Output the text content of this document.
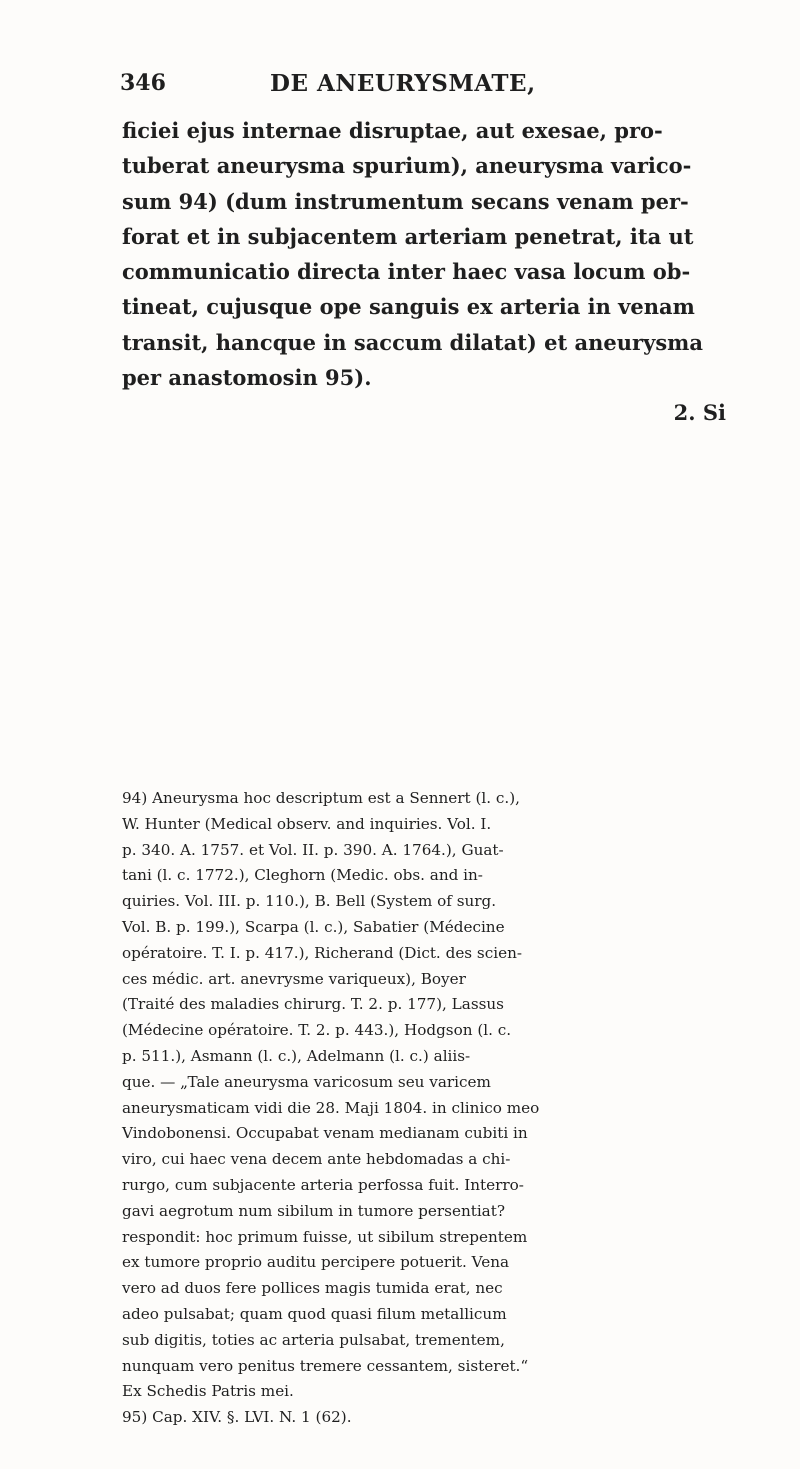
346	DE ANEURYSMATE,
ficiei ejus internae disruptae, aut exesae, pro-
tuberat aneurysma spurium), aneurysma varico-
sum 94) (dum instrumentum secans venam per-
forat et in subjacentem arteriam penetrat, ita ut
communicatio directa inter haec vasa locum ob-
tineat, cujusque ope sanguis ex arteria in venam
transit, hancque in saccum dilatat) et aneurysma
per anastomosin 95).
2. Si
94) Aneurysma hoc descriptum est a Sennert (l. c.),
W. Hunter (Medical observ. and inquiries. Vol. I.
p. 340. A. 1757. et Vol. II. p. 390. A. 1764.), Guat-
tani (l. c. 1772.), Cleghorn (Medic. obs. and in-
quiries. Vol. III. p. 110.), B. Bell (System of surg.
Vol. B. p. 199.), Scarpa (l. c.), Sabatier (Médecine
opératoire. T. I. p. 417.), Richerand (Dict. des scien-
ces médic. art. anevrysme variqueux), Boyer
(Traité des maladies chirurg. T. 2. p. 177), Lassus
(Médecine opératoire. T. 2. p. 443.), Hodgson (l. c.
p. 511.), Asmann (l. c.), Adelmann (l. c.) aliis-
que. — „Tale aneurysma varicosum seu varicem
aneurysmaticam vidi die 28. Maji 1804. in clinico meo
Vindobonensi. Occupabat venam medianam cubiti in
viro, cui haec vena decem ante hebdomadas a chi-
rurgo, cum subjacente arteria perfossa fuit. Interro-
gavi aegrotum num sibilum in tumore persentiat?
respondit: hoc primum fuisse, ut sibilum strepentem
ex tumore proprio auditu percipere potuerit. Vena
vero ad duos fere pollices magis tumida erat, nec
adeo pulsabat; quam quod quasi filum metallicum
sub digitis, toties ac arteria pulsabat, trementem,
nunquam vero penitus tremere cessantem, sisteret.“
Ex Schedis Patris mei.
95) Cap. XIV. §. LVI. N. 1 (62).
